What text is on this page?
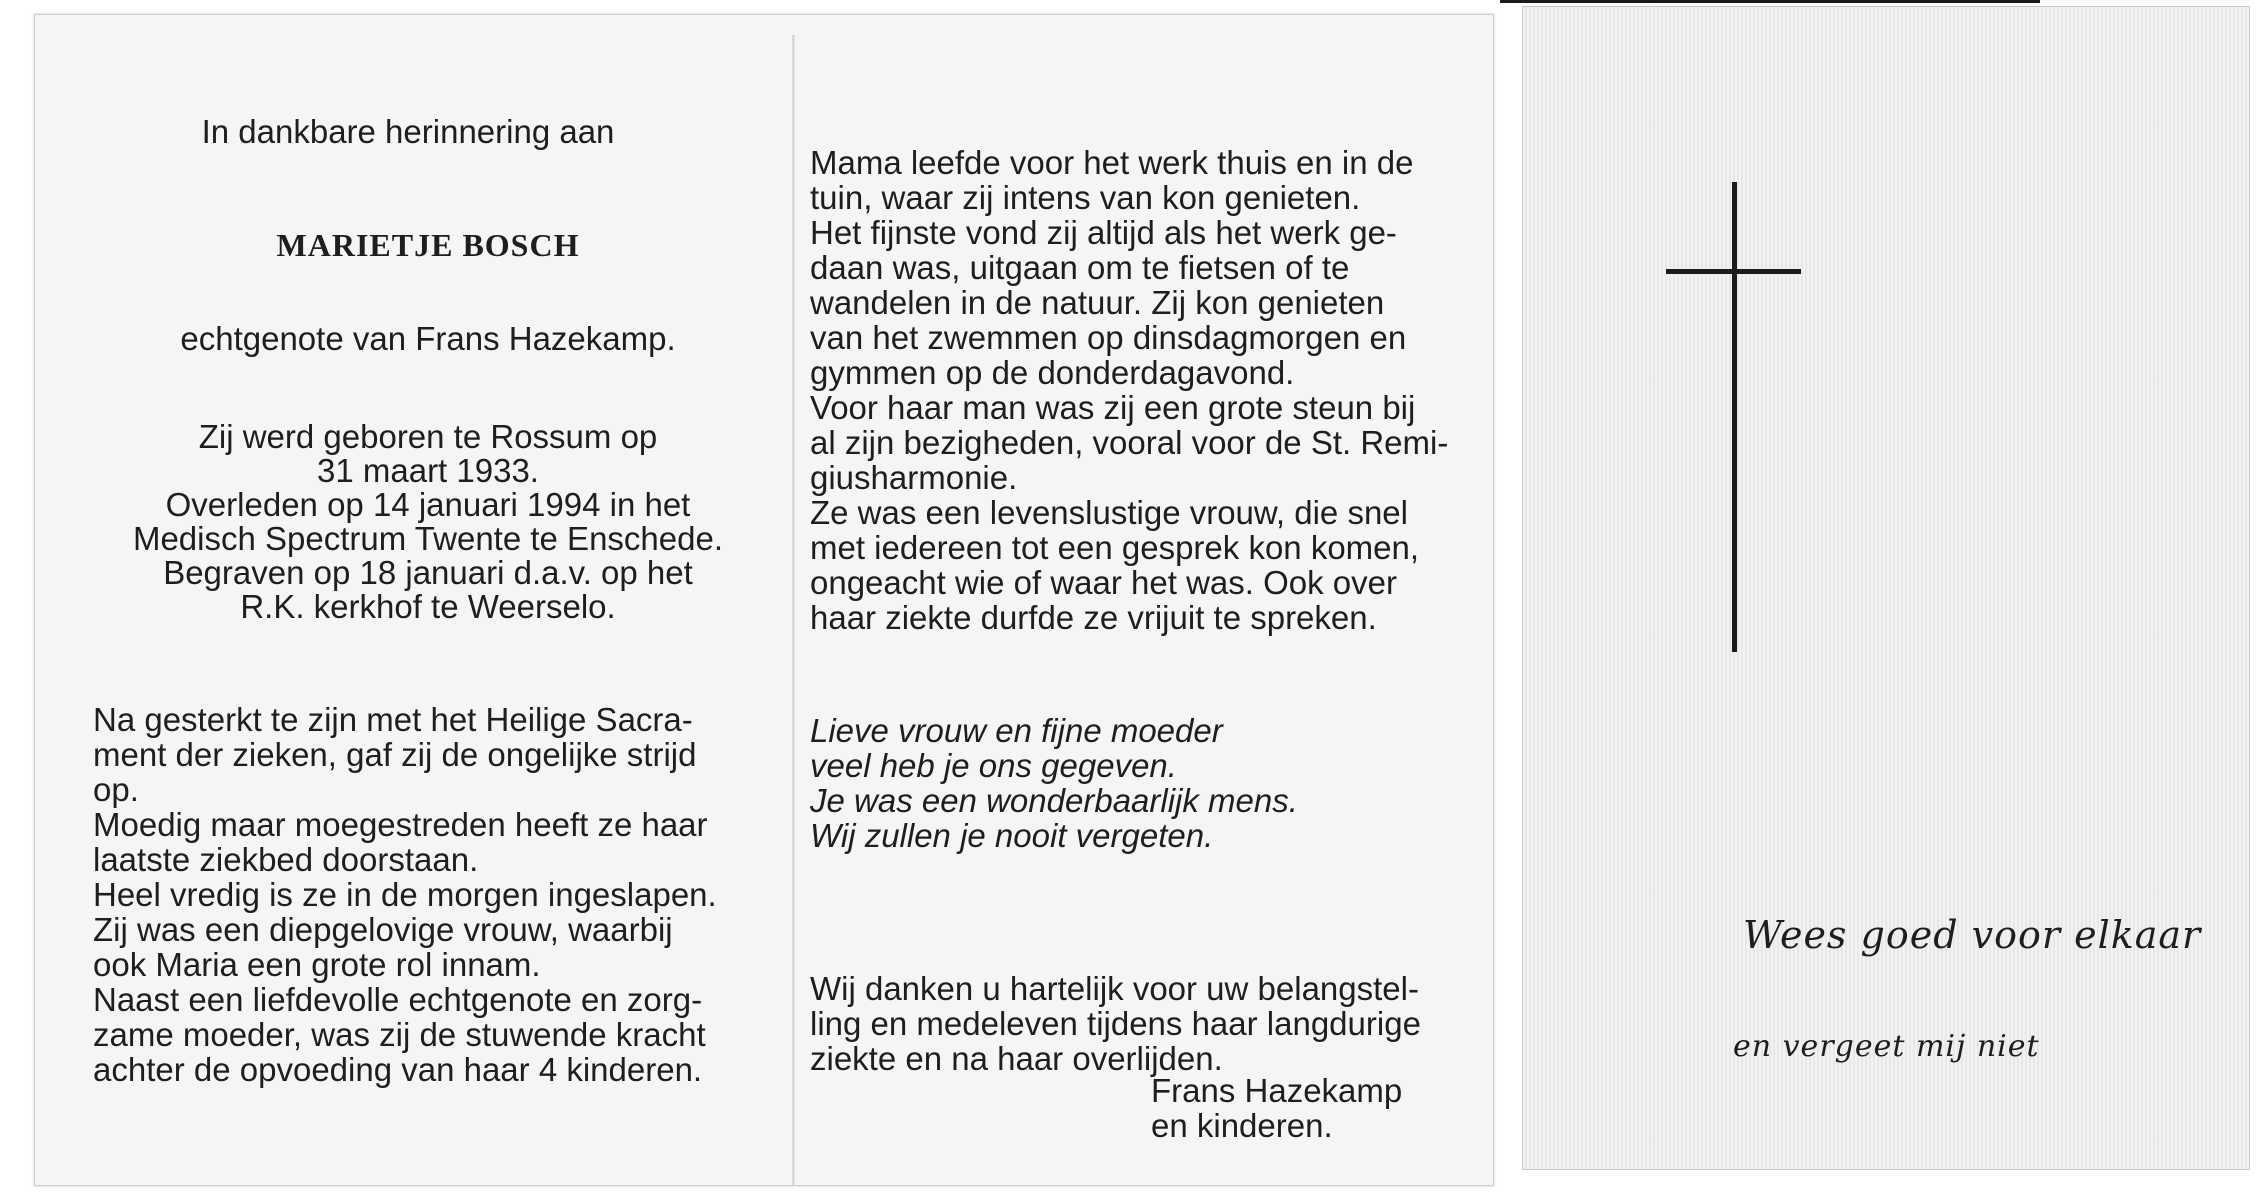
In dankbare herinnering aan

MARIETJE BOSCH

echtgenote van Frans Hazekamp.

Zij werd geboren te Rossum op

31 maart 1933.

Overleden op 14 januari 1994 in het

Medisch Spectrum Twente te Enschede.

Begraven op 18 januari d.a.v. op het

R.K. kerkhof te Weerselo.

Na gesterkt te zijn met het Heilige Sacra-

ment der zieken, gaf zij de ongelijke strijd

op.

Moedig maar moegestreden heeft ze haar

laatste ziekbed doorstaan.

Heel vredig is ze in de morgen ingeslapen.

Zij was een diepgelovige vrouw, waarbij

ook Maria een grote rol innam.

Naast een liefdevolle echtgenote en zorg-

zame moeder, was zij de stuwende kracht

achter de opvoeding van haar 4 kinderen.

Mama leefde voor het werk thuis en in de

tuin, waar zij intens van kon genieten.

Het fijnste vond zij altijd als het werk ge-

daan was, uitgaan om te fietsen of te

wandelen in de natuur. Zij kon genieten

van het zwemmen op dinsdagmorgen en

gymmen op de donderdagavond.

Voor haar man was zij een grote steun bij

al zijn bezigheden, vooral voor de St. Remi-

giusharmonie.

Ze was een levenslustige vrouw, die snel

met iedereen tot een gesprek kon komen,

ongeacht wie of waar het was. Ook over

haar ziekte durfde ze vrijuit te spreken.

Lieve vrouw en fijne moeder

veel heb je ons gegeven.

Je was een wonderbaarlijk mens.

Wij zullen je nooit vergeten.

Wij danken u hartelijk voor uw belangstel-

ling en medeleven tijdens haar langdurige

ziekte en na haar overlijden.

Frans Hazekamp

en kinderen.

Wees goed voor elkaar
en vergeet mij niet
